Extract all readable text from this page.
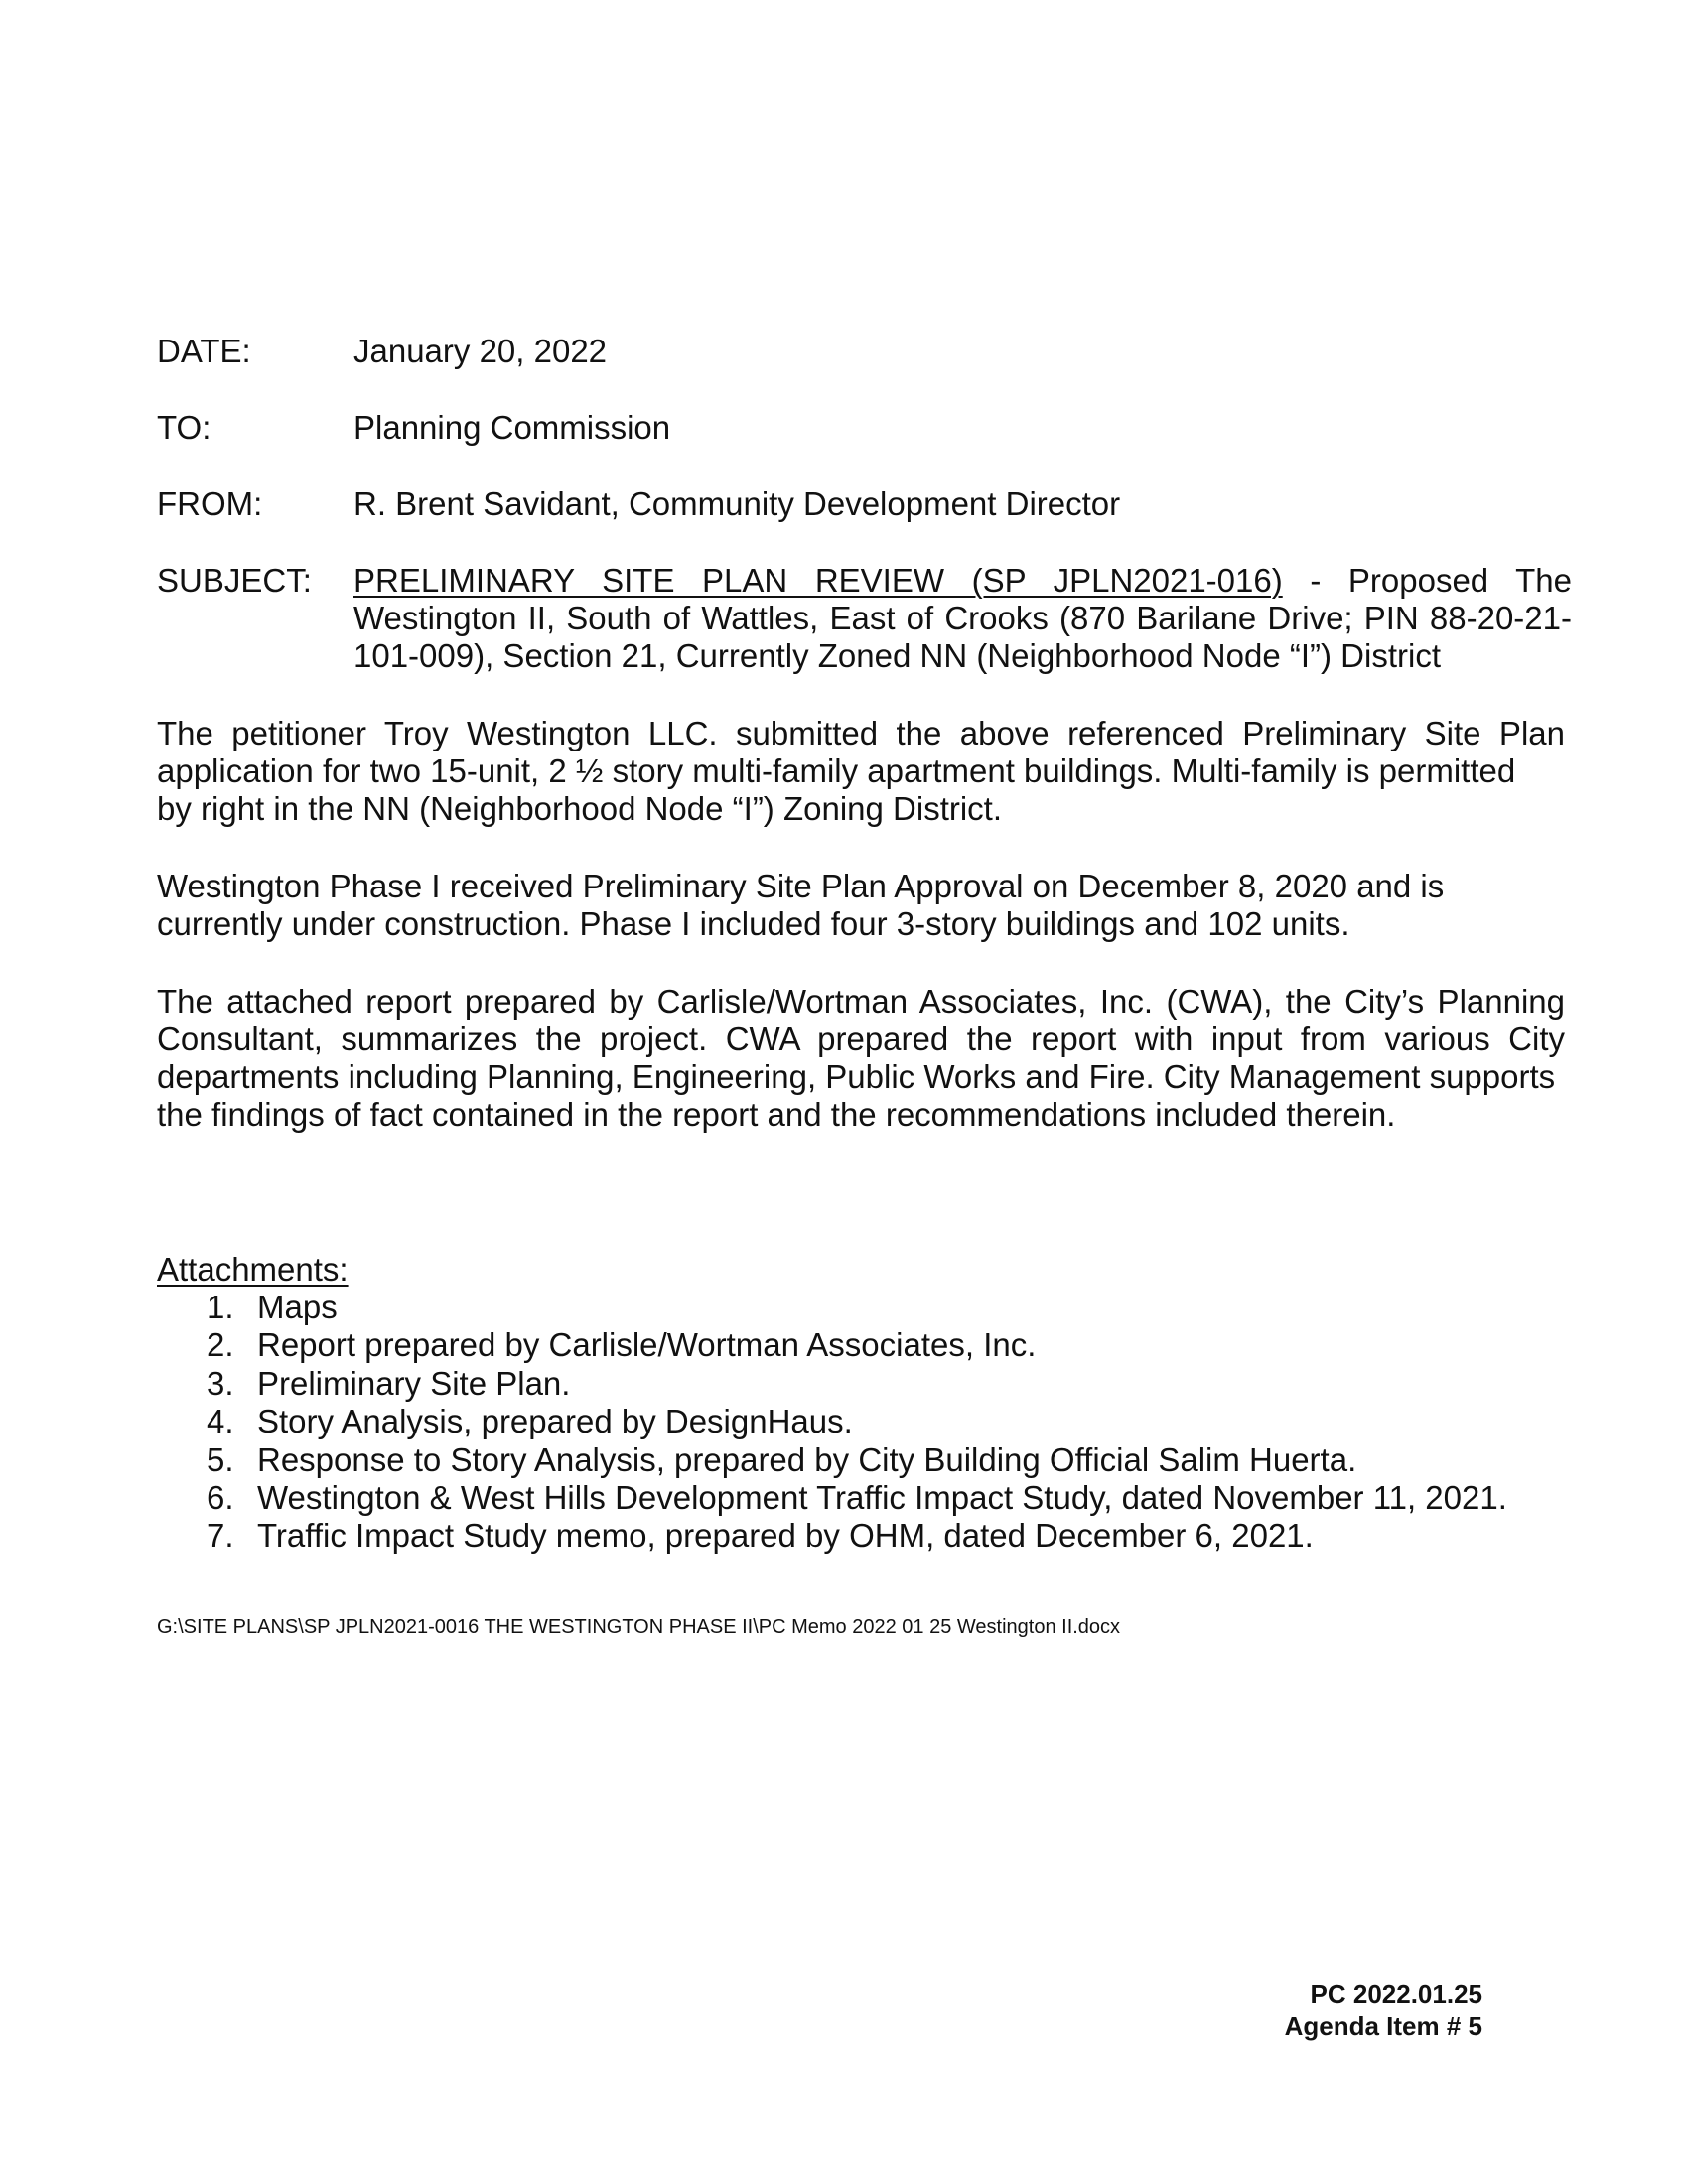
DATE:	January 20, 2022
TO:	Planning Commission
FROM:	R. Brent Savidant, Community Development Director
SUBJECT: PRELIMINARY SITE PLAN REVIEW (SP JPLN2021-016) - Proposed The Westington II, South of Wattles, East of Crooks (870 Barilane Drive; PIN 88-20-21-101-009), Section 21, Currently Zoned NN (Neighborhood Node “I”) District

The petitioner Troy Westington LLC. submitted the above referenced Preliminary Site Plan application for two 15-unit, 2 ½ story multi-family apartment buildings. Multi-family is permitted
by right in the NN (Neighborhood Node “I”) Zoning District.

Westington Phase I received Preliminary Site Plan Approval on December 8, 2020 and is
currently under construction. Phase I included four 3-story buildings and 102 units.

The attached report prepared by Carlisle/Wortman Associates, Inc. (CWA), the City’s Planning Consultant, summarizes the project. CWA prepared the report with input from various City departments including Planning, Engineering, Public Works and Fire. City Management supports
the findings of fact contained in the report and the recommendations included therein.

Attachments:
1. Maps
2. Report prepared by Carlisle/Wortman Associates, Inc.
3. Preliminary Site Plan.
4. Story Analysis, prepared by DesignHaus.
5. Response to Story Analysis, prepared by City Building Official Salim Huerta.
6. Westington & West Hills Development Traffic Impact Study, dated November 11, 2021.
7. Traffic Impact Study memo, prepared by OHM, dated December 6, 2021.
G:\SITE PLANS\SP JPLN2021-0016 THE WESTINGTON PHASE II\PC Memo 2022 01 25 Westington II.docx
PC 2022.01.25
Agenda Item # 5
